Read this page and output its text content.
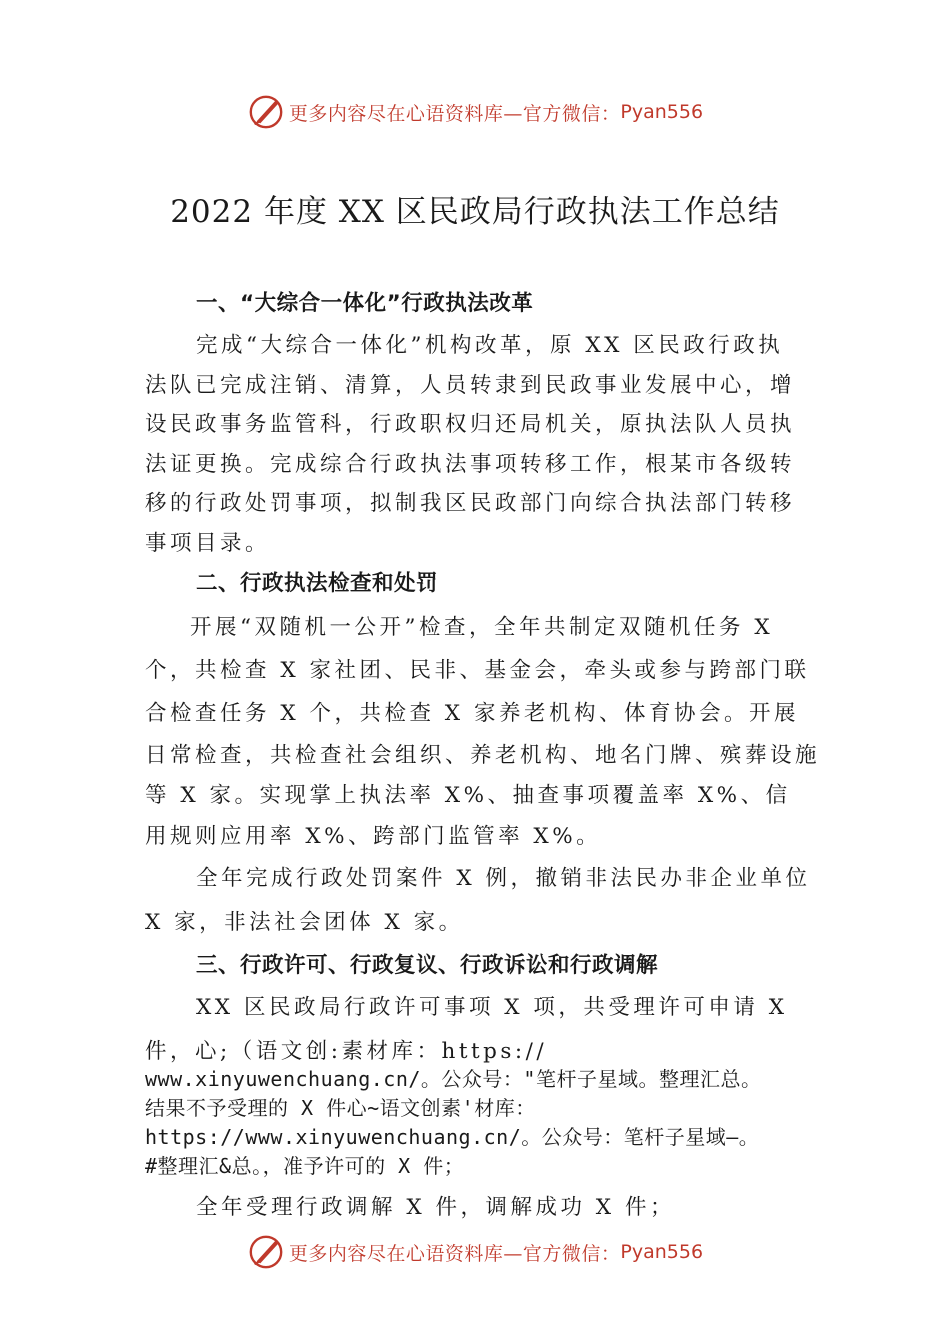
更多内容尽在心语资料库—官方微信： Pyan556
2022 年度 XX 区民政局行政执法工作总结
一、“大综合一体化”行政执法改革
完成“大综合一体化”机构改革，原 XX 区民政行政执
法队已完成注销、清算，人员转隶到民政事业发展中心，增
设民政事务监管科，行政职权归还局机关，原执法队人员执
法证更换。完成综合行政执法事项转移工作，根某市各级转
移的行政处罚事项，拟制我区民政部门向综合执法部门转移
事项目录。
二、行政执法检查和处罚
开展“双随机一公开”检查，全年共制定双随机任务 X
个，共检查 X 家社团、民非、基金会，牵头或参与跨部门联
合检查任务 X 个，共检查 X 家养老机构、体育协会。开展
日常检查，共检查社会组织、养老机构、地名门牌、殡葬设施
等 X 家。实现掌上执法率 X%、抽查事项覆盖率 X%、信
用规则应用率 X%、跨部门监管率 X%。
全年完成行政处罚案件 X 例，撤销非法民办非企业单位
X 家，非法社会团体 X 家。
三、行政许可、行政复议、行政诉讼和行政调解
XX 区民政局行政许可事项 X 项，共受理许可申请 X
件，心;（语文创:素材库：https://
www.xinyuwenchuang.cn/。公众号："笔杆子星域。整理汇总。
结果不予受理的 X 件心~语文创素'材库：
https://www.xinyuwenchuang.cn/。公众号：笔杆子星域—。
#整理汇&总。，准予许可的 X 件；
全年受理行政调解 X 件，调解成功 X 件；
更多内容尽在心语资料库—官方微信： Pyan556
